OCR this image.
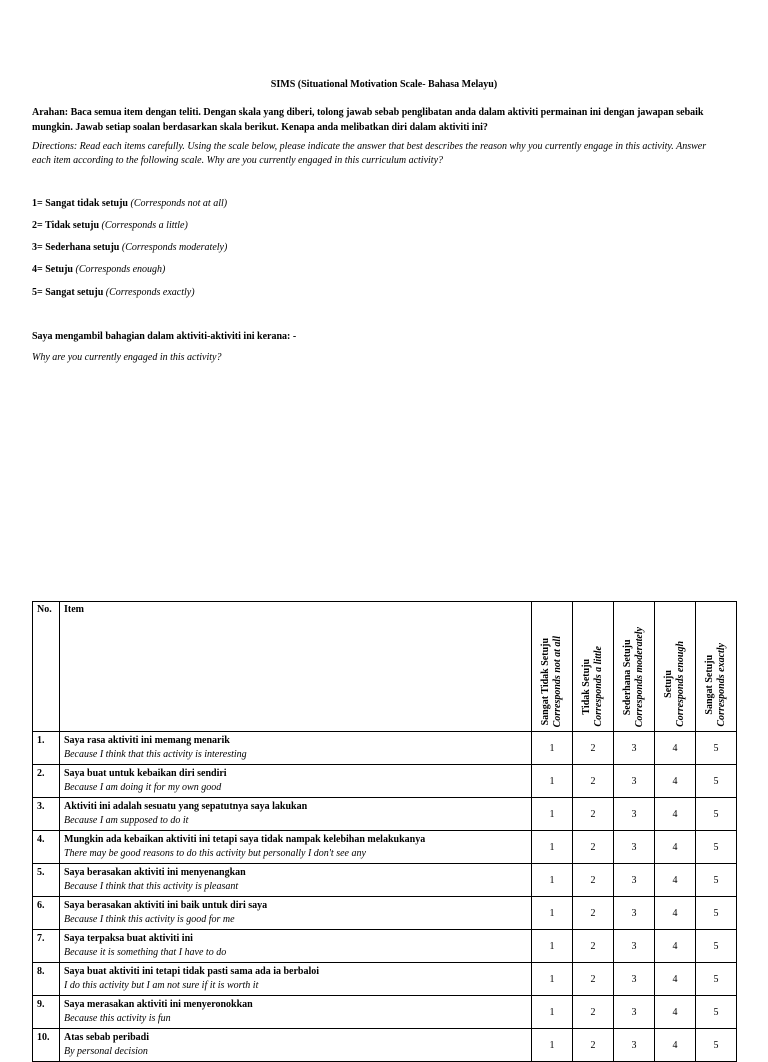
SIMS (Situational Motivation Scale- Bahasa Melayu)
Arahan: Baca semua item dengan teliti. Dengan skala yang diberi, tolong jawab sebab penglibatan anda dalam aktiviti permainan ini dengan jawapan sebaik mungkin. Jawab setiap soalan berdasarkan skala berikut. Kenapa anda melibatkan diri dalam aktiviti ini?
Directions: Read each items carefully. Using the scale below, please indicate the answer that best describes the reason why you currently engage in this activity. Answer each item according to the following scale. Why are you currently engaged in this curriculum activity?
1= Sangat tidak setuju (Corresponds not at all)
2= Tidak setuju (Corresponds a little)
3= Sederhana setuju (Corresponds moderately)
4= Setuju (Corresponds enough)
5= Sangat setuju (Corresponds exactly)
Saya mengambil bahagian dalam aktiviti-aktiviti ini kerana: -
Why are you currently engaged in this activity?
No.	Item	Sangat Tidak Setuju
Corresponds not at all	Tidak Setuju
Corresponds a little	Sederhana Setuju
Corresponds moderately	Setuju
Corresponds enough	Sangat Setuju
Corresponds exactly

1.	Saya rasa aktiviti ini memang menarik
Because I think that this activity is interesting	1	2	3	4	5
2.	Saya buat untuk kebaikan diri sendiri
Because I am doing it for my own good	1	2	3	4	5
3.	Aktiviti ini adalah sesuatu yang sepatutnya saya lakukan
Because I am supposed to do it	1	2	3	4	5
4.	Mungkin ada kebaikan aktiviti ini tetapi saya tidak nampak kelebihan melakukanya
There may be good reasons to do this activity but personally I don't see any	1	2	3	4	5
5.	Saya berasakan aktiviti ini menyenangkan
Because I think that this activity is pleasant	1	2	3	4	5
6.	Saya berasakan aktiviti ini baik untuk diri saya
Because I think this activity is good for me	1	2	3	4	5
7.	Saya terpaksa buat aktiviti ini
Because it is something that I have to do	1	2	3	4	5
8.	Saya buat aktiviti ini tetapi tidak pasti sama ada ia berbaloi
I do this activity but I am not sure if it is worth it	1	2	3	4	5
9.	Saya merasakan aktiviti ini menyeronokkan
Because this activity is fun	1	2	3	4	5
10.	Atas sebab peribadi
By personal decision	1	2	3	4	5
